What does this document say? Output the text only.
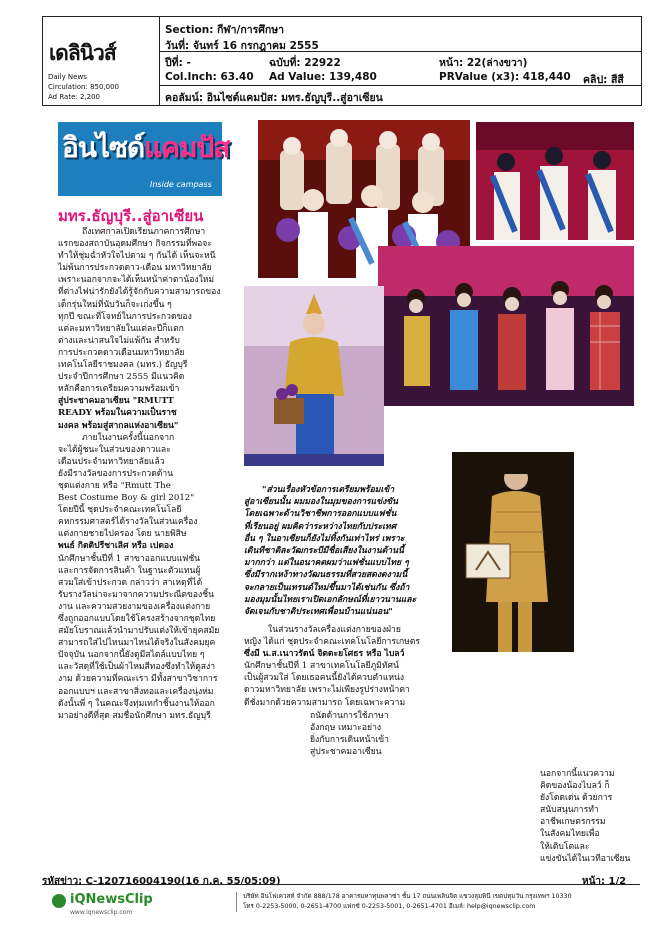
เดลินิวส์
Daily News
Circulation: 850,000
Ad Rate: 2,200
Section: กีฬา/การศึกษา
วันที่: จันทร์ 16 กรกฎาคม 2555
ปีที่: -	ฉบับที่: 22922	หน้า: 22(ล่างขวา)
Col.Inch: 63.40 Ad Value: 139,480	PRValue (x3): 418,440 คลิป: สีสี
คอลัมน์: อินไซด์แคมปัส: มทร.ธัญบุรี..สู่อาเซียน
อินไซด์แคมปัส
Inside campass
มทร.ธัญบุรี..สู่อาเซียน

ถึงเทศกาลเปิดเรียนภาคการศึกษา

แรกของสถาบันอุดมศึกษา กิจกรรมที่พอจะ

ทำให้ชุ่มฉ่ำหัวใจไปตาม ๆ กันได้ เห็นจะหนี

ไม่พ้นการประกวดดาว-เดือน มหาวิทยาลัย

เพราะนอกจากจะได้เห็นหน้าค่าตาน้องใหม่

ที่ต่างไฟน่ารักยังได้รู้จักกับความสามารถของ

เด็กรุ่นใหม่ที่นับวันก็จะเก่งขึ้น ๆ

ทุกปี ขณะที่โจทย์ในการประกวดของ

แต่ละมหาวิทยาลัยในแต่ละปีก็แตก

ต่างและน่าสนใจไม่แพ้กัน สำหรับ

การประกวดดาวเดือนมหาวิทยาลัย

เทคโนโลยีราชมงคล (มทร.) ธัญบุรี

ประจำปีการศึกษา 2555 มีแนวคิด

หลักคือการเตรียมความพร้อมเข้า

สู่ประชาคมอาเซียน "RMUTT

READY พร้อมในความเป็นราช

มงคล พร้อมสู่สากลแห่งอาเซียน"

ภายในงานครั้งนี้นอกจาก

จะได้ผู้ชนะในส่วนของดาวและ

เดือนประจำมหาวิทยาลัยแล้ว

ยังมีรางวัลของการประกวดด้าน

ชุดแต่งกาย หรือ "Rmutt The

Best Costume Boy & girl 2012"

โดยปีนี้ ชุดประจำคณะเทคโนโลยี

คหกรรมศาสตร์ได้รางวัลในส่วนเครื่อง

แต่งกายชายไปครอง โดย นายพิสิษ

พนธ์ กิตติปรีชาเลิศ หรือ เปดอง

นักศึกษาชั้นปีที่ 1 สาขาออกแบบแฟชั่น

และการจัดการสินค้า ในฐานะตัวแทนผู้

สวมใส่เข้าประกวด กล่าวว่า สาเหตุที่ได้

รับรางวัลน่าจะมาจากความประณีตของชิ้น

งาน และความสวยงามของเครื่องแต่งกาย

ซึ่งถูกออกแบบโดยใช้โครงสร้างจากชุดไทย

สมัยโบราณแล้วนำมาปรับแต่งให้เข้ายุคสมัย

สามารถใส่ไปไหนมาไหนได้จริงในสังคมยุค

ปัจจุบัน นอกจากนี้ยังดูมีสไตล์แบบไทย ๆ

และวัสดุที่ใช้เป็นผ้าไหมสีทองซึ่งทำให้ดูสง่า

งาม ด้วยความที่คณะเรา มีทั้งสาขาวิชาการ

ออกแบบฯ และสาขาสิ่งทอและเครื่องนุ่งห่ม

ดังนั้นพี่ ๆ ในคณะจึงทุ่มเทกำชิ้นงานให้ออก

มาอย่างดีที่สุด สมชื่อนักศึกษา มทร.ธัญบุรี

"ส่วนเรื่องหัวข้อการเตรียมพร้อมเข้า

สู่อาเซียนนั้น ผมมองในมุมของการแข่งขัน

โดยเฉพาะด้านวิชาชีพการออกแบบแฟชั่น

ที่เรียนอยู่ ผมคิดว่าระหว่างไทยกับประเทศ

อื่น ๆ ในอาเซียนก็ยังไม่ทิ้งกันเท่าไหร่ เพราะ

เดินทีชาติละวัฒกระบีมีชื่อเสียงในงานด้านนี้

มากกว่า แต่ในอนาคตผมว่าแฟชั่นแบบไทย ๆ

ซึ่งมีรากเหง้าทางวัฒนธรรมที่สวยสดงดงามนี้

จะกลายเป็นเทรนด์ใหม่ขึ้นมาได้เช่นกัน ซึ่งถ้า

มองมุมนั้นไทยเราเปิดเอกลักษณ์ที่เยาวนานและ

จัดเจนกับชาติประเทศเพื่อนบ้านแน่นอน"

ในส่วนรางวัลเครื่องแต่งกายของฝ่าย

หญิง ได้แก่ ชุดประจำคณะเทคโนโลยีการเกษตร

ซึ่งมี น.ส.เนาวรัตน์ จิตตะยโศธร หรือ ไบลว์

นักศึกษาชั้นปีที่ 1 สาขาเทคโนโลยีภูมิทัศน์

เป็นผู้สวมใส่ โดยเธอคนนี้ยังได้ควบตำแหน่ง

ดาวมหาวิทยาลัย เพราะไม่เพียงรูปร่างหน้าตา

ดีชั่งมากด้วยความสามารถ โดยเฉพาะความ

ถนัดด้านการใช้ภาษา

อังกฤษ เหมาะอย่าง

ยิ่งกับการเดินหน้าเข้า

สู่ประชาคมอาเซียน

นอกจากนี้แนวความ

คิดของน้องไบลว์ ก็

ยังโดดเด่น ด้วยการ

สนับสนุนการทำ

อาชีพเกษตรกรรม

ในสังคมไทยเพื่อ

ให้เติบโตและ

แข่งขันได้ในเวทีอาเซียน

รหัสข่าว: C-120716004190(16 ก.ค. 55/05:09)	หน้า: 1/2
iQNewsClip
www.iqnewsclip.com
บริษัท อินโฟเควสท์ จำกัด 888/178 อาคารมหาทุนพลาซ่า ชั้น 17 ถนนเพลินจิต แขวงลุมพินี เขตปทุมวัน กรุงเทพฯ 10330
โทร 0-2253-5000, 0-2651-4700 แฟกซ์ 0-2253-5001, 0-2651-4701 อีเมล์: help@iqnewsclip.com
